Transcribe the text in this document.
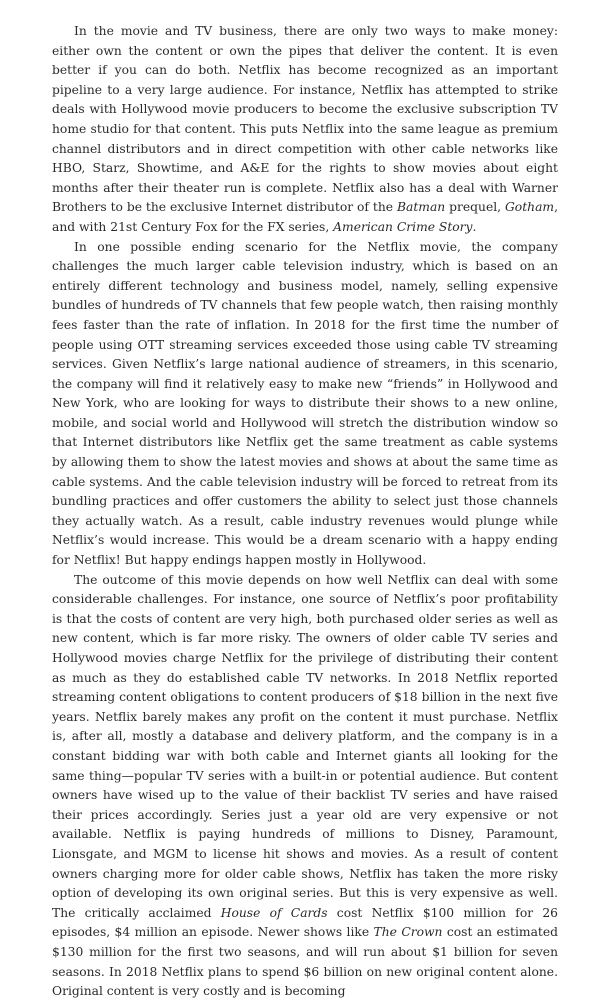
In the movie and TV business, there are only two ways to make money: either own the content or own the pipes that deliver the content. It is even better if you can do both. Netflix has become recognized as an important pipeline to a very large audience. For instance, Netflix has attempted to strike deals with Hollywood movie producers to become the exclusive subscription TV home studio for that content. This puts Netflix into the same league as premium channel distributors and in direct competition with other cable networks like HBO, Starz, Showtime, and A&E for the rights to show movies about eight months after their theater run is complete. Netflix also has a deal with Warner Brothers to be the exclusive Internet distributor of the Batman prequel, Gotham, and with 21st Century Fox for the FX series, American Crime Story.

In one possible ending scenario for the Netflix movie, the company challenges the much larger cable television industry, which is based on an entirely different technology and business model, namely, selling expensive bundles of hundreds of TV channels that few people watch, then raising monthly fees faster than the rate of inflation. In 2018 for the first time the number of people using OTT streaming services exceeded those using cable TV streaming services. Given Netflix’s large national audience of streamers, in this scenario, the company will find it relatively easy to make new “friends” in Hollywood and New York, who are looking for ways to distribute their shows to a new online, mobile, and social world and Hollywood will stretch the distribution window so that Internet distributors like Netflix get the same treatment as cable systems by allowing them to show the latest movies and shows at about the same time as cable systems. And the cable television industry will be forced to retreat from its bundling practices and offer customers the ability to select just those channels they actually watch. As a result, cable industry revenues would plunge while Netflix’s would increase. This would be a dream scenario with a happy ending for Netflix! But happy endings happen mostly in Hollywood.

The outcome of this movie depends on how well Netflix can deal with some considerable challenges. For instance, one source of Netflix’s poor profitability is that the costs of content are very high, both purchased older series as well as new content, which is far more risky. The owners of older cable TV series and Hollywood movies charge Netflix for the privilege of distributing their content as much as they do established cable TV networks. In 2018 Netflix reported streaming content obligations to content producers of $18 billion in the next five years. Netflix barely makes any profit on the content it must purchase. Netflix is, after all, mostly a database and delivery platform, and the company is in a constant bidding war with both cable and Internet giants all looking for the same thing—popular TV series with a built-in or potential audience. But content owners have wised up to the value of their backlist TV series and have raised their prices accordingly. Series just a year old are very expensive or not available. Netflix is paying hundreds of millions to Disney, Paramount, Lionsgate, and MGM to license hit shows and movies. As a result of content owners charging more for older cable shows, Netflix has taken the more risky option of developing its own original series. But this is very expensive as well. The critically acclaimed House of Cards cost Netflix $100 million for 26 episodes, $4 million an episode. Newer shows like The Crown cost an estimated $130 million for the first two seasons, and will run about $1 billion for seven seasons. In 2018 Netflix plans to spend $6 billion on new original content alone. Original content is very costly and is becoming
